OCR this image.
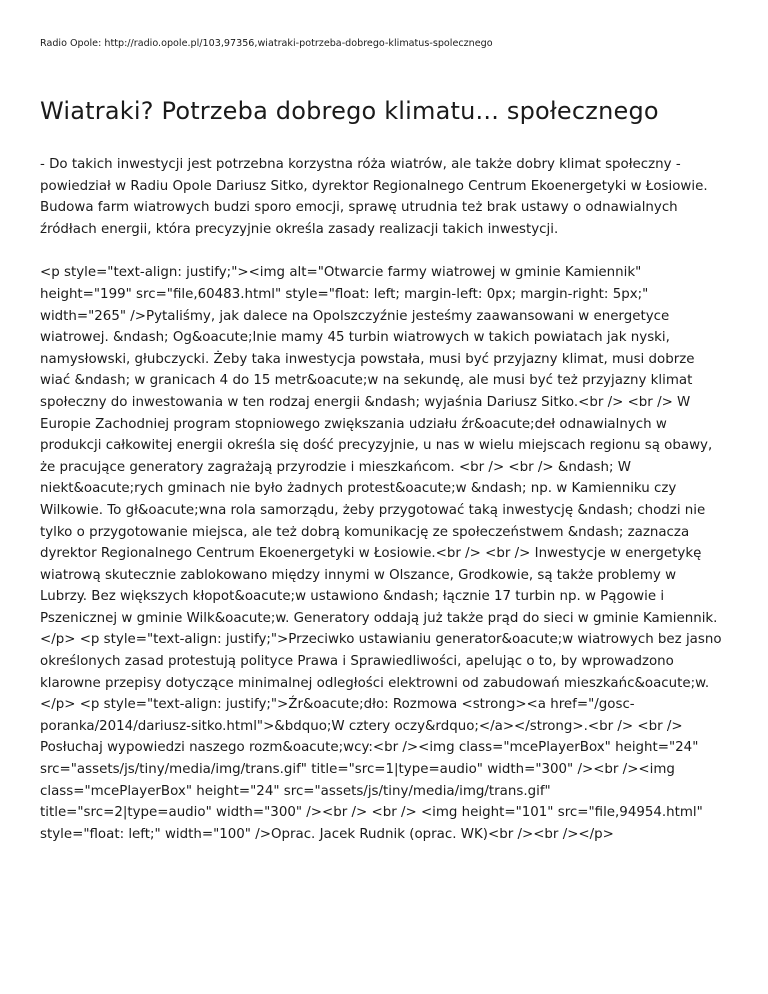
Radio Opole: http://radio.opole.pl/103,97356,wiatraki-potrzeba-dobrego-klimatus-spolecznego

Wiatraki? Potrzeba dobrego klimatu... społecznego

- Do takich inwestycji jest potrzebna korzystna róża wiatrów, ale także dobry klimat społeczny - powiedział w Radiu Opole Dariusz Sitko, dyrektor Regionalnego Centrum Ekoenergetyki w Łosiowie. Budowa farm wiatrowych budzi sporo emocji, sprawę utrudnia też brak ustawy o odnawialnych źródłach energii, która precyzyjnie określa zasady realizacji takich inwestycji.

<p style="text-align: justify;"><img alt="Otwarcie farmy wiatrowej w gminie Kamiennik" height="199" src="file,60483.html" style="float: left; margin-left: 0px; margin-right: 5px;" width="265" />Pytaliśmy, jak dalece na Opolszczyźnie jesteśmy zaawansowani w energetyce wiatrowej. &ndash; Og&oacute;lnie mamy 45 turbin wiatrowych w takich powiatach jak nyski, namysłowski, głubczycki. Żeby taka inwestycja powstała, musi być przyjazny klimat, musi dobrze wiać &ndash; w granicach 4 do 15 metr&oacute;w na sekundę, ale musi być też przyjazny klimat społeczny do inwestowania w ten rodzaj energii &ndash; wyjaśnia Dariusz Sitko.<br /> <br /> W Europie Zachodniej program stopniowego zwiększania udziału źr&oacute;deł odnawialnych w produkcji całkowitej energii określa się dość precyzyjnie, u nas w wielu miejscach regionu są obawy, że pracujące generatory zagrażają przyrodzie i mieszkańcom. <br /> <br /> &ndash; W niekt&oacute;rych gminach nie było żadnych protest&oacute;w &ndash; np. w Kamienniku czy Wilkowie. To gł&oacute;wna rola samorządu, żeby przygotować taką inwestycję &ndash; chodzi nie tylko o przygotowanie miejsca, ale też dobrą komunikację ze społeczeństwem &ndash; zaznacza dyrektor Regionalnego Centrum Ekoenergetyki w Łosiowie.<br /> <br /> Inwestycje w energetykę wiatrową skutecznie zablokowano między innymi w Olszance, Grodkowie, są także problemy w Lubrzy. Bez większych kłopot&oacute;w ustawiono &ndash; łącznie 17 turbin np. w Pągowie i Pszenicznej w gminie Wilk&oacute;w. Generatory oddają już także prąd do sieci w gminie Kamiennik.</p> <p style="text-align: justify;">Przeciwko ustawianiu generator&oacute;w wiatrowych bez jasno określonych zasad protestują polityce Prawa i Sprawiedliwości, apelując o to, by wprowadzono klarowne przepisy dotyczące minimalnej odległości elektrowni od zabudowań mieszkańc&oacute;w. </p> <p style="text-align: justify;">Źr&oacute;dło: Rozmowa <strong><a href="/gosc-poranka/2014/dariusz-sitko.html">&bdquo;W cztery oczy&rdquo;</a></strong>.<br /> <br /> Posłuchaj wypowiedzi naszego rozm&oacute;wcy:<br /><img class="mcePlayerBox" height="24" src="assets/js/tiny/media/img/trans.gif" title="src=1|type=audio" width="300" /><br /><img class="mcePlayerBox" height="24" src="assets/js/tiny/media/img/trans.gif" title="src=2|type=audio" width="300" /><br /> <br /> <img height="101" src="file,94954.html" style="float: left;" width="100" />Oprac. Jacek Rudnik (oprac. WK)<br /><br /></p>
